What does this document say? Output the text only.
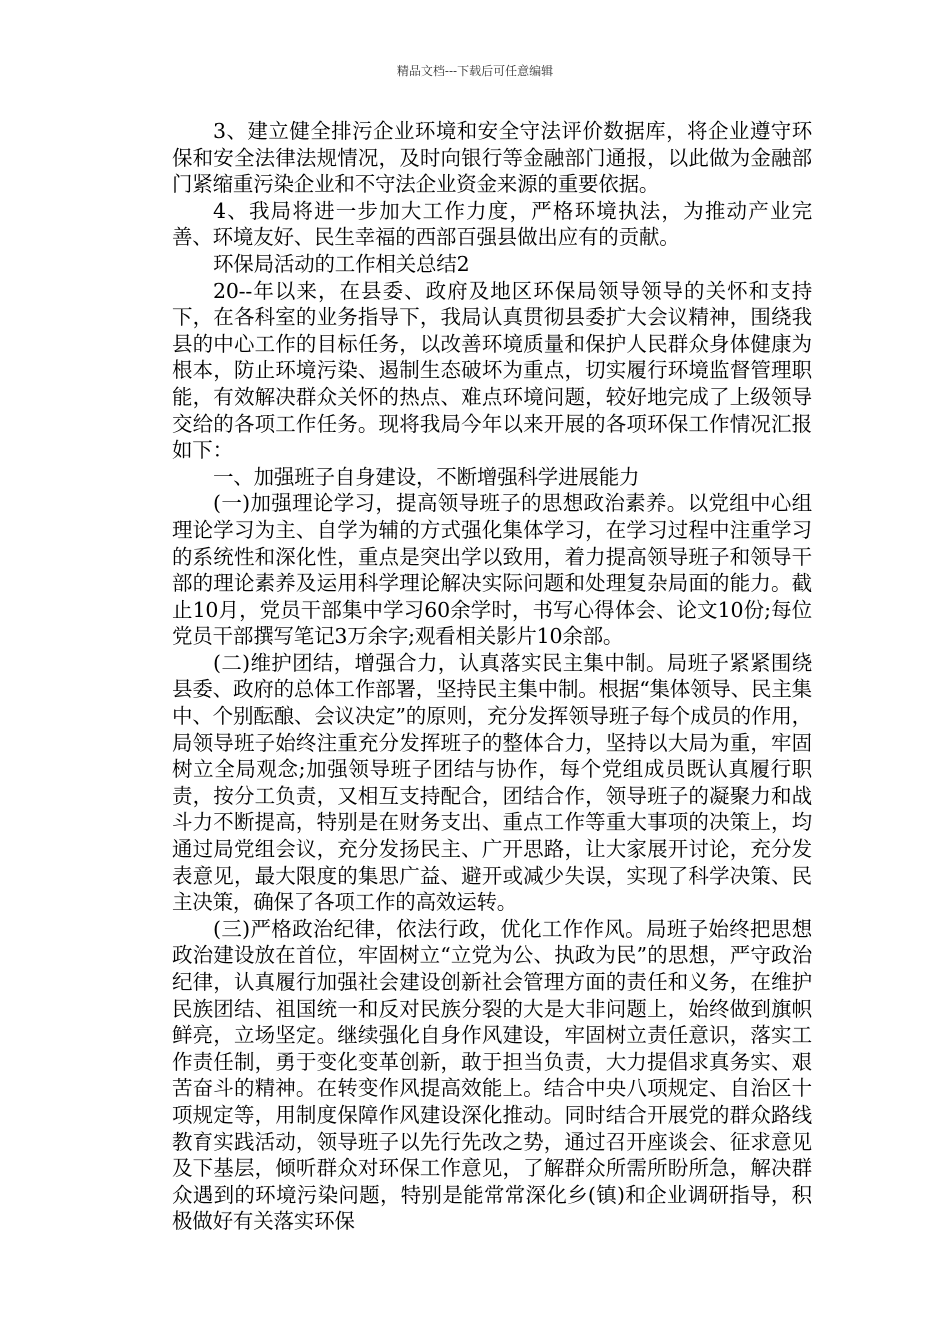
精品文档---下载后可任意编辑

3、建立健全排污企业环境和安全守法评价数据库，将企业遵守环保和安全法律法规情况，及时向银行等金融部门通报，以此做为金融部门紧缩重污染企业和不守法企业资金来源的重要依据。

4、我局将进一步加大工作力度，严格环境执法，为推动产业完善、环境友好、民生幸福的西部百强县做出应有的贡献。

环保局活动的工作相关总结2

20--年以来，在县委、政府及地区环保局领导领导的关怀和支持下，在各科室的业务指导下，我局认真贯彻县委扩大会议精神，围绕我县的中心工作的目标任务，以改善环境质量和保护人民群众身体健康为根本，防止环境污染、遏制生态破坏为重点，切实履行环境监督管理职能，有效解决群众关怀的热点、难点环境问题，较好地完成了上级领导交给的各项工作任务。现将我局今年以来开展的各项环保工作情况汇报如下：

一、加强班子自身建设，不断增强科学进展能力

(一)加强理论学习，提高领导班子的思想政治素养。以党组中心组理论学习为主、自学为辅的方式强化集体学习，在学习过程中注重学习的系统性和深化性，重点是突出学以致用，着力提高领导班子和领导干部的理论素养及运用科学理论解决实际问题和处理复杂局面的能力。截止10月，党员干部集中学习60余学时，书写心得体会、论文10份;每位党员干部撰写笔记3万余字;观看相关影片10余部。

(二)维护团结，增强合力，认真落实民主集中制。局班子紧紧围绕县委、政府的总体工作部署，坚持民主集中制。根据“集体领导、民主集中、个别酝酿、会议决定”的原则，充分发挥领导班子每个成员的作用，局领导班子始终注重充分发挥班子的整体合力，坚持以大局为重，牢固树立全局观念;加强领导班子团结与协作，每个党组成员既认真履行职责，按分工负责，又相互支持配合，团结合作，领导班子的凝聚力和战斗力不断提高，特别是在财务支出、重点工作等重大事项的决策上，均通过局党组会议，充分发扬民主、广开思路，让大家展开讨论，充分发表意见，最大限度的集思广益、避开或减少失误，实现了科学决策、民主决策，确保了各项工作的高效运转。

(三)严格政治纪律，依法行政，优化工作作风。局班子始终把思想政治建设放在首位，牢固树立“立党为公、执政为民”的思想，严守政治纪律，认真履行加强社会建设创新社会管理方面的责任和义务，在维护民族团结、祖国统一和反对民族分裂的大是大非问题上，始终做到旗帜鲜亮，立场坚定。继续强化自身作风建设，牢固树立责任意识，落实工作责任制，勇于变化变革创新，敢于担当负责，大力提倡求真务实、艰苦奋斗的精神。在转变作风提高效能上。结合中央八项规定、自治区十项规定等，用制度保障作风建设深化推动。同时结合开展党的群众路线教育实践活动，领导班子以先行先改之势，通过召开座谈会、征求意见及下基层，倾听群众对环保工作意见，了解群众所需所盼所急，解决群众遇到的环境污染问题，特别是能常常深化乡(镇)和企业调研指导，积极做好有关落实环保
